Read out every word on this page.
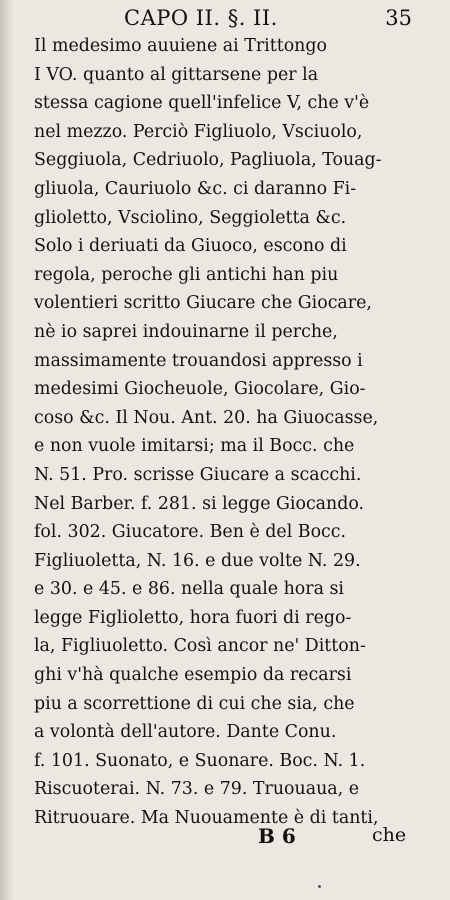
CAPO II. §. II.	35
Il medesimo auuiene ai Trittongo
I VO. quanto al gittarsene per la
stessa cagione quell'infelice V, che v'è
nel mezzo. Perciò Figliuolo, Vsciuolo,
Seggiuola, Cedriuolo, Pagliuola, Touag-
gliuola, Cauriuolo &c. ci daranno Fi-
glioletto, Vsciolino, Seggioletta &c.
Solo i deriuati da Giuoco, escono di
regola, peroche gli antichi han piu
volentieri scritto Giucare che Giocare,
nè io saprei indouinarne il perche,
massimamente trouandosi appresso i
medesimi Giocheuole, Giocolare, Gio-
coso &c. Il Nou. Ant. 20. ha Giuocasse,
e non vuole imitarsi; ma il Bocc. che
N. 51. Pro. scrisse Giucare a scacchi.
Nel Barber. f. 281. si legge Giocando.
fol. 302. Giucatore. Ben è del Bocc.
Figliuoletta, N. 16. e due volte N. 29.
e 30. e 45. e 86. nella quale hora si
legge Figlioletto, hora fuori di rego-
la, Figliuoletto. Così ancor ne' Ditton-
ghi v'hà qualche esempio da recarsi
piu a scorrettione di cui che sia, che
a volontà dell'autore. Dante Conu.
f. 101. Suonato, e Suonare. Boc. N. 1.
Riscuoterai. N. 73. e 79. Truouaua, e
Ritruouare. Ma Nuouamente è di tanti,
B 6	che
